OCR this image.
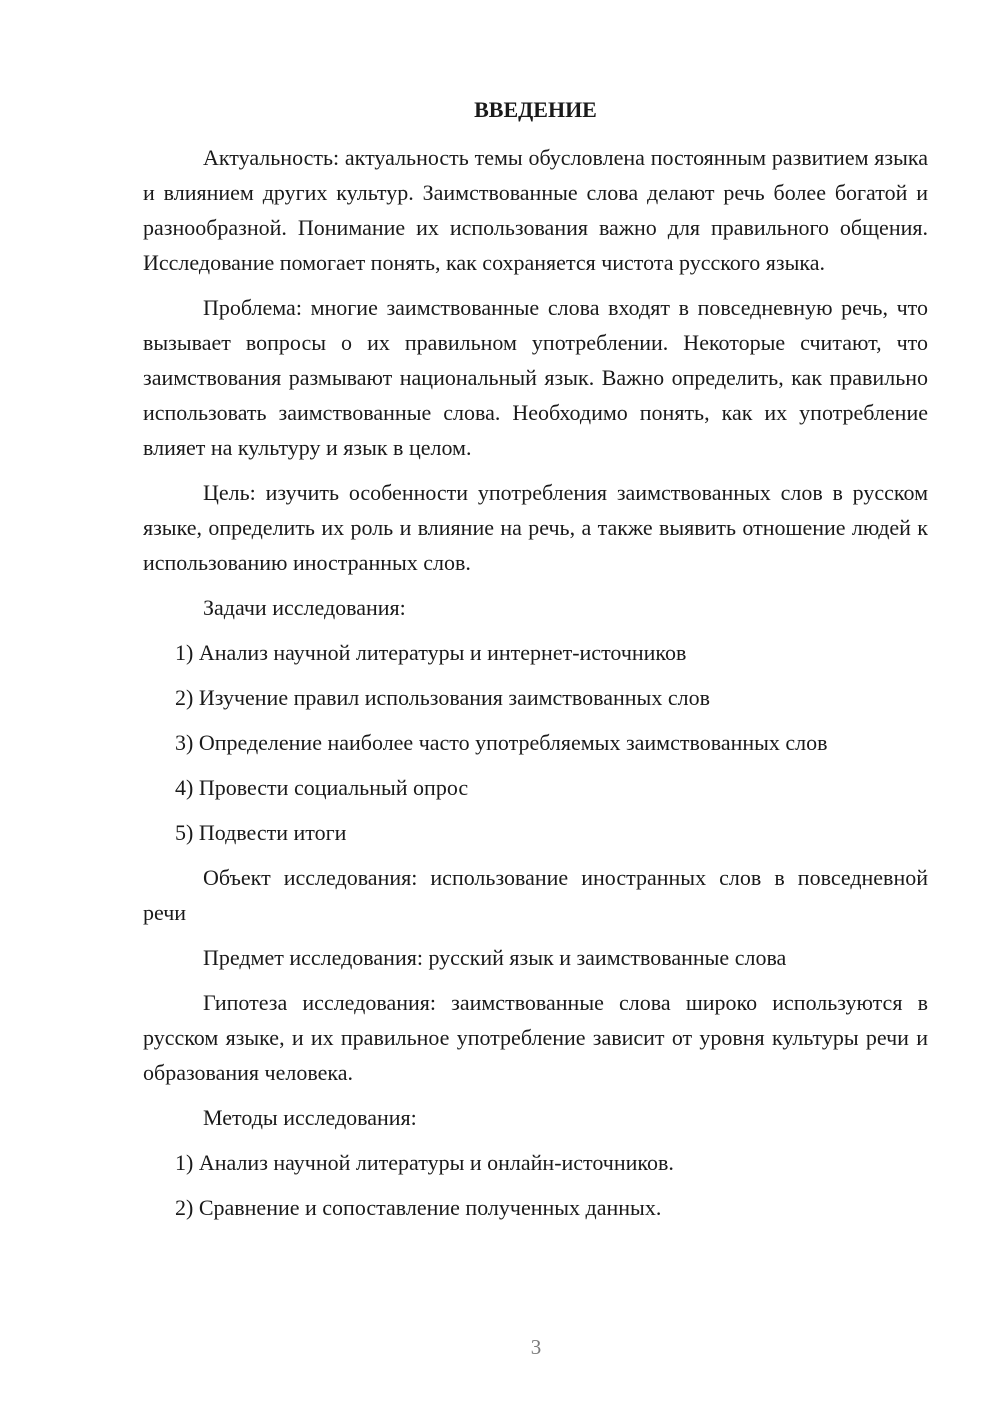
ВВЕДЕНИЕ
Актуальность: актуальность темы обусловлена постоянным развитием языка и влиянием других культур. Заимствованные слова делают речь более богатой и разнообразной. Понимание их использования важно для правильного общения. Исследование помогает понять, как сохраняется чистота русского языка.
Проблема: многие заимствованные слова входят в повседневную речь, что вызывает вопросы о их правильном употреблении. Некоторые считают, что заимствования размывают национальный язык. Важно определить, как правильно использовать заимствованные слова. Необходимо понять, как их употребление влияет на культуру и язык в целом.
Цель: изучить особенности употребления заимствованных слов в русском языке, определить их роль и влияние на речь, а также выявить отношение людей к использованию иностранных слов.
Задачи исследования:
1) Анализ научной литературы и интернет-источников
2) Изучение правил использования заимствованных слов
3) Определение наиболее часто употребляемых заимствованных слов
4) Провести социальный опрос
5) Подвести итоги
Объект исследования: использование иностранных слов в повседневной речи
Предмет исследования: русский язык и заимствованные слова
Гипотеза исследования: заимствованные слова широко используются в русском языке, и их правильное употребление зависит от уровня культуры речи и образования человека.
Методы исследования:
1) Анализ научной литературы и онлайн-источников.
2) Сравнение и сопоставление полученных данных.
3
